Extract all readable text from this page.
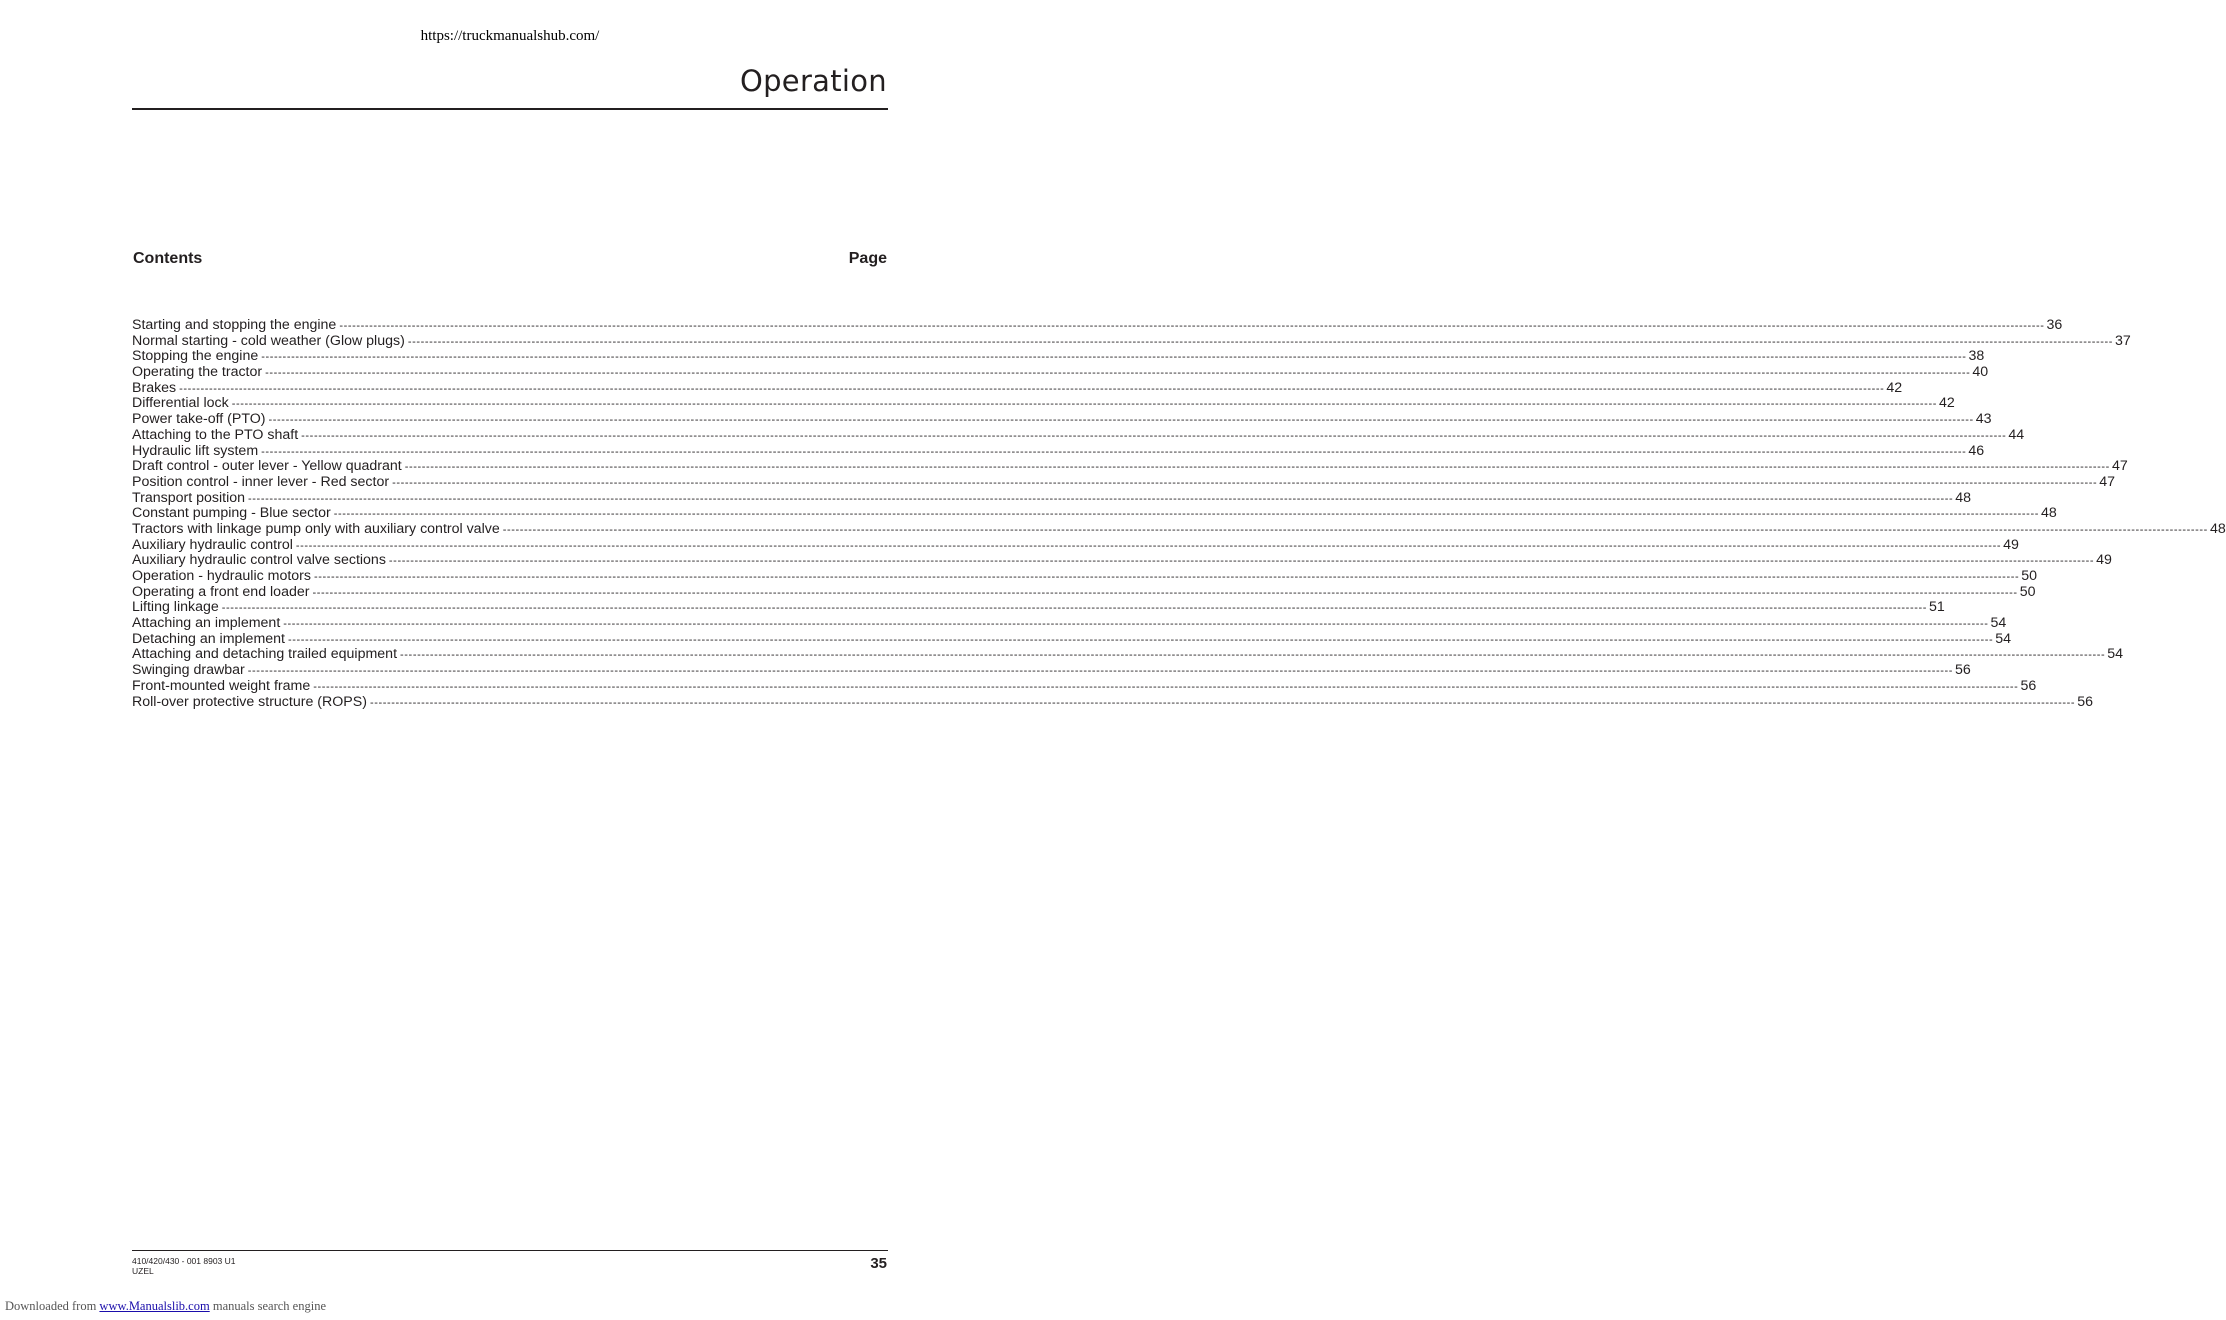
https://truckmanualshub.com/
Operation
Contents	Page
Starting and stopping the engine ---------------------------------------------------------------------------------------------------------------------------------------------------------------------------------------------------------------------------------------------------------------------------------------------------------------------------------------------------------------------------------------------------------------- 36
Normal starting - cold weather (Glow plugs) ---------------------------------------------------------------------------------------------------------------------------------------------------------------------------------------------------------------------------------------------------------------------------------------------------------------------------------------------------------------------------------------------------------------- 37
Stopping the engine ---------------------------------------------------------------------------------------------------------------------------------------------------------------------------------------------------------------------------------------------------------------------------------------------------------------------------------------------------------------------------------------------------------------- 38
Operating the tractor ---------------------------------------------------------------------------------------------------------------------------------------------------------------------------------------------------------------------------------------------------------------------------------------------------------------------------------------------------------------------------------------------------------------- 40
Brakes ---------------------------------------------------------------------------------------------------------------------------------------------------------------------------------------------------------------------------------------------------------------------------------------------------------------------------------------------------------------------------------------------------------------- 42
Differential lock ---------------------------------------------------------------------------------------------------------------------------------------------------------------------------------------------------------------------------------------------------------------------------------------------------------------------------------------------------------------------------------------------------------------- 42
Power take-off (PTO) ---------------------------------------------------------------------------------------------------------------------------------------------------------------------------------------------------------------------------------------------------------------------------------------------------------------------------------------------------------------------------------------------------------------- 43
Attaching to the PTO shaft ---------------------------------------------------------------------------------------------------------------------------------------------------------------------------------------------------------------------------------------------------------------------------------------------------------------------------------------------------------------------------------------------------------------- 44
Hydraulic lift system ---------------------------------------------------------------------------------------------------------------------------------------------------------------------------------------------------------------------------------------------------------------------------------------------------------------------------------------------------------------------------------------------------------------- 46
Draft control - outer lever - Yellow quadrant ---------------------------------------------------------------------------------------------------------------------------------------------------------------------------------------------------------------------------------------------------------------------------------------------------------------------------------------------------------------------------------------------------------------- 47
Position control - inner lever - Red sector ---------------------------------------------------------------------------------------------------------------------------------------------------------------------------------------------------------------------------------------------------------------------------------------------------------------------------------------------------------------------------------------------------------------- 47
Transport position ---------------------------------------------------------------------------------------------------------------------------------------------------------------------------------------------------------------------------------------------------------------------------------------------------------------------------------------------------------------------------------------------------------------- 48
Constant pumping - Blue sector ---------------------------------------------------------------------------------------------------------------------------------------------------------------------------------------------------------------------------------------------------------------------------------------------------------------------------------------------------------------------------------------------------------------- 48
Tractors with linkage pump only with auxiliary control valve ---------------------------------------------------------------------------------------------------------------------------------------------------------------------------------------------------------------------------------------------------------------------------------------------------------------------------------------------------------------------------------------------------------------- 48
Auxiliary hydraulic control ---------------------------------------------------------------------------------------------------------------------------------------------------------------------------------------------------------------------------------------------------------------------------------------------------------------------------------------------------------------------------------------------------------------- 49
Auxiliary hydraulic control valve sections ---------------------------------------------------------------------------------------------------------------------------------------------------------------------------------------------------------------------------------------------------------------------------------------------------------------------------------------------------------------------------------------------------------------- 49
Operation - hydraulic motors ---------------------------------------------------------------------------------------------------------------------------------------------------------------------------------------------------------------------------------------------------------------------------------------------------------------------------------------------------------------------------------------------------------------- 50
Operating a front end loader ---------------------------------------------------------------------------------------------------------------------------------------------------------------------------------------------------------------------------------------------------------------------------------------------------------------------------------------------------------------------------------------------------------------- 50
Lifting linkage ---------------------------------------------------------------------------------------------------------------------------------------------------------------------------------------------------------------------------------------------------------------------------------------------------------------------------------------------------------------------------------------------------------------- 51
Attaching an implement ---------------------------------------------------------------------------------------------------------------------------------------------------------------------------------------------------------------------------------------------------------------------------------------------------------------------------------------------------------------------------------------------------------------- 54
Detaching an implement ---------------------------------------------------------------------------------------------------------------------------------------------------------------------------------------------------------------------------------------------------------------------------------------------------------------------------------------------------------------------------------------------------------------- 54
Attaching and detaching trailed equipment ---------------------------------------------------------------------------------------------------------------------------------------------------------------------------------------------------------------------------------------------------------------------------------------------------------------------------------------------------------------------------------------------------------------- 54
Swinging drawbar ---------------------------------------------------------------------------------------------------------------------------------------------------------------------------------------------------------------------------------------------------------------------------------------------------------------------------------------------------------------------------------------------------------------- 56
Front-mounted weight frame ---------------------------------------------------------------------------------------------------------------------------------------------------------------------------------------------------------------------------------------------------------------------------------------------------------------------------------------------------------------------------------------------------------------- 56
Roll-over protective structure (ROPS) ---------------------------------------------------------------------------------------------------------------------------------------------------------------------------------------------------------------------------------------------------------------------------------------------------------------------------------------------------------------------------------------------------------------- 56
410/420/430 - 001 8903 U1
UZEL	35
Downloaded from www.Manualslib.com manuals search engine
